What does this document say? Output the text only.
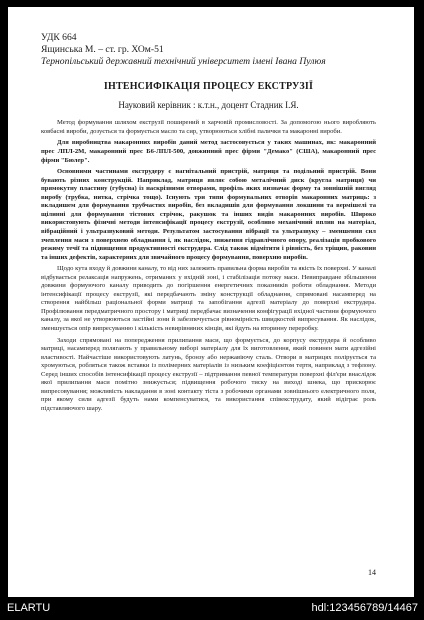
УДК 664
Ящинська М. – ст. гр. ХОм-51
Тернопільський державний технічний університет імені Івана Пулюя
ІНТЕНСИФІКАЦІЯ ПРОЦЕСУ ЕКСТРУЗІЇ
Науковий керівник : к.т.н., доцент Стадник І.Я.

Метод формування шляхом екструзії поширений в харчовій промисловості. За допомогою нього виробляють ковбасні вироби, дозується та формується масло та сир, утворюються хлібні палички та макаронні вироби.

Для виробництва макаронних виробів даний метод застосовується у таких машинах, як: макаронний прес ЛПЛ-2М, макаронний прес Б6-ЛПЛ-500, довжинний прес фірми "Демако" (США), макаронний прес фірми "Бюлер".

Основними частинами екструдеру є нагнітальний пристрій, матриця та подільний пристрій. Вони бувають різних конструкцій. Наприклад, матриця являє собою металічний диск (кругла матриця) чи прямокутну пластину (губусна) із наскрізними отворами, профіль яких визначає форму та зовнішній вигляд виробу (трубка, нитка, стрічка тощо). Існують три типи формувальних отворів макаронних матриць: з вкладишем для формування трубчастих виробів, без вкладишів для формування локшини та вермішелі та щілинні для формування тістових стрічок, ракушок та інших видів макаронних виробів. Широко використовують фізичні методи інтенсифікації процесу екструзії, особливо механічний вплив на матеріал, вібраційний і ультразвуковий методи. Результатом застосування вібрації та ультразвуку – зменшення сил зчеплення маси з поверхнею обладнання і, як наслідок, зниження гідравлічного опору, реалізація пробкового режиму течії та підвищення продуктивності екструдера. Слід також відмітити і рівність, без тріщин, раковин та інших дефектів, характерних для звичайного процесу формування, поверхню виробів.

Щодо кута входу й довжини каналу, то від них залежить правильна форма виробів та якість їх поверхні. У каналі відбувається релаксація напружень, отриманих у вхідній зоні, і стабілізація потоку маси. Невиправдане збільшення довжини формуючого каналу приводить до погіршення енергетичних показників роботи обладнання. Методи інтенсифікації процесу екструзії, які передбачають зміну конструкції обладнання, спрямовані насамперед на створення найбільш раціональної форми матриці та запобігання адгезії матеріалу до поверхні екструдера. Профілювання передматричного простору і матриці передбачає визначення конфігурації вхідної частини формуючого каналу, за якої не утворюються застійні зони й забезпечується рівномірність швидкостей випресування. Як наслідок, зменшується опір випресуванню і кількість невирівняних кінців, які йдуть на вторинну переробку.

Заходи спрямовані на попередження прилипання маси, що формується, до корпусу екструдера й особливо матриці, насамперед полягають у правильному виборі матеріалу для їх виготовлення, який повинен мати адгезійні властивості. Найчастіше використовують латунь, бронзу або нержавіючу сталь. Отвори в матрицях полірується та хромуються, робляться також вставки із полімерних матеріалів із низьким коефіцієнтом тертя, наприклад з тефлону. Серед інших способів інтенсифікації процесу екструзії – підтримання певної температури поверхні філ'єри внаслідок якої прилипання маси помітно знижується; підвищення робочого тиску на виході шнека, що прискорює випресовування; можливість накладання в зоні контакту тіста з робочими органами зовнішнього електричного поля, при якому сили адгезії будуть нами компенсуватися, та використання співекструдату, який відіграє роль підставляючого шару.

14
ELARTU	hdl:123456789/14467
